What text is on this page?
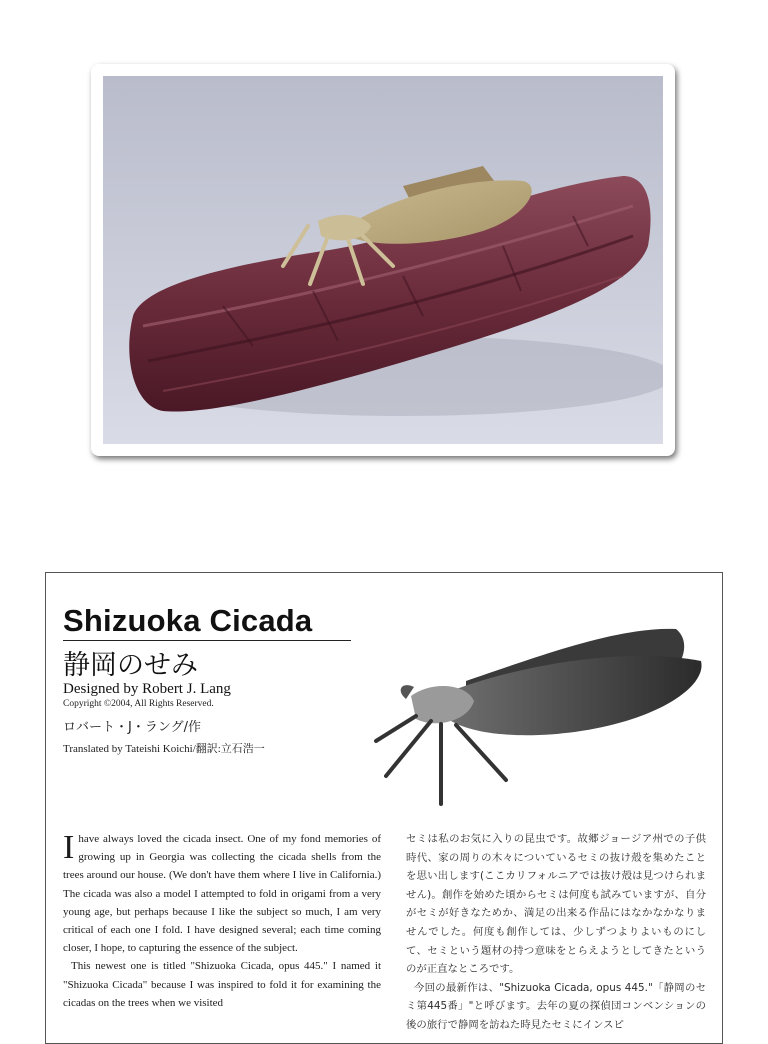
Shizuoka Cicada
静岡のせみ
Designed by Robert J. Lang
Copyright ©2004, All Rights Reserved.
ロバート・J・ラング/作
Translated by Tateishi Koichi/翻訳:立石浩一

Ihave always loved the cicada insect. One of my fond memories of growing up in Georgia was collecting the cicada shells from the trees around our house. (We don't have them where I live in California.) The cicada was also a model I attempted to fold in origami from a very young age, but perhaps because I like the subject so much, I am very critical of each one I fold. I have designed several; each time coming closer, I hope, to capturing the essence of the subject.

This newest one is titled "Shizuoka Cicada, opus 445." I named it "Shizuoka Cicada" because I was inspired to fold it for examining the cicadas on the trees when we visited

セミは私のお気に入りの昆虫です。故郷ジョージア州での子供時代、家の周りの木々についているセミの抜け殻を集めたことを思い出します(ここカリフォルニアでは抜け殻は見つけられません)。創作を始めた頃からセミは何度も試みていますが、自分がセミが好きなためか、満足の出来る作品にはなかなかなりませんでした。何度も創作しては、少しずつよりよいものにして、セミという題材の持つ意味をとらえようとしてきたというのが正直なところです。

今回の最新作は、"Shizuoka Cicada, opus 445."「静岡のセミ第445番」"と呼びます。去年の夏の探偵団コンベンションの後の旅行で静岡を訪ねた時見たセミにインスピ
